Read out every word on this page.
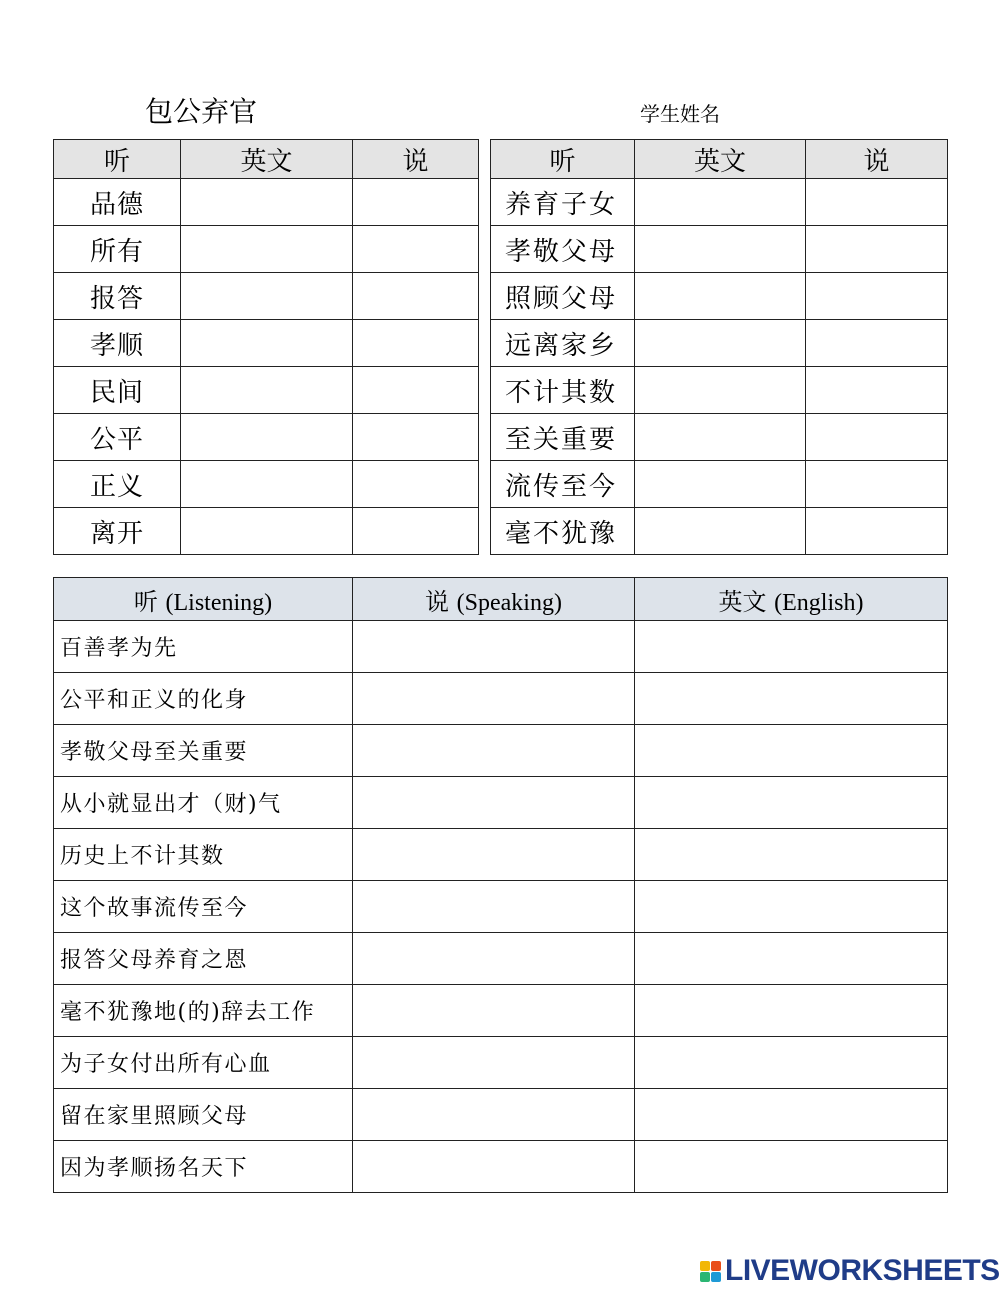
包公弃官	学生姓名
听	英文	说
品德		
所有		
报答		
孝顺		
民间		
公平		
正义		
离开		
听	英文	说
养育子女		
孝敬父母		
照顾父母		
远离家乡		
不计其数		
至关重要		
流传至今		
毫不犹豫		
听 (Listening)	说 (Speaking)	英文 (English)
百善孝为先		
公平和正义的化身		
孝敬父母至关重要		
从小就显出才（财)气		
历史上不计其数		
这个故事流传至今		
报答父母养育之恩		
毫不犹豫地(的)辞去工作		
为子女付出所有心血		
留在家里照顾父母		
因为孝顺扬名天下		
LIVEWORKSHEETS
